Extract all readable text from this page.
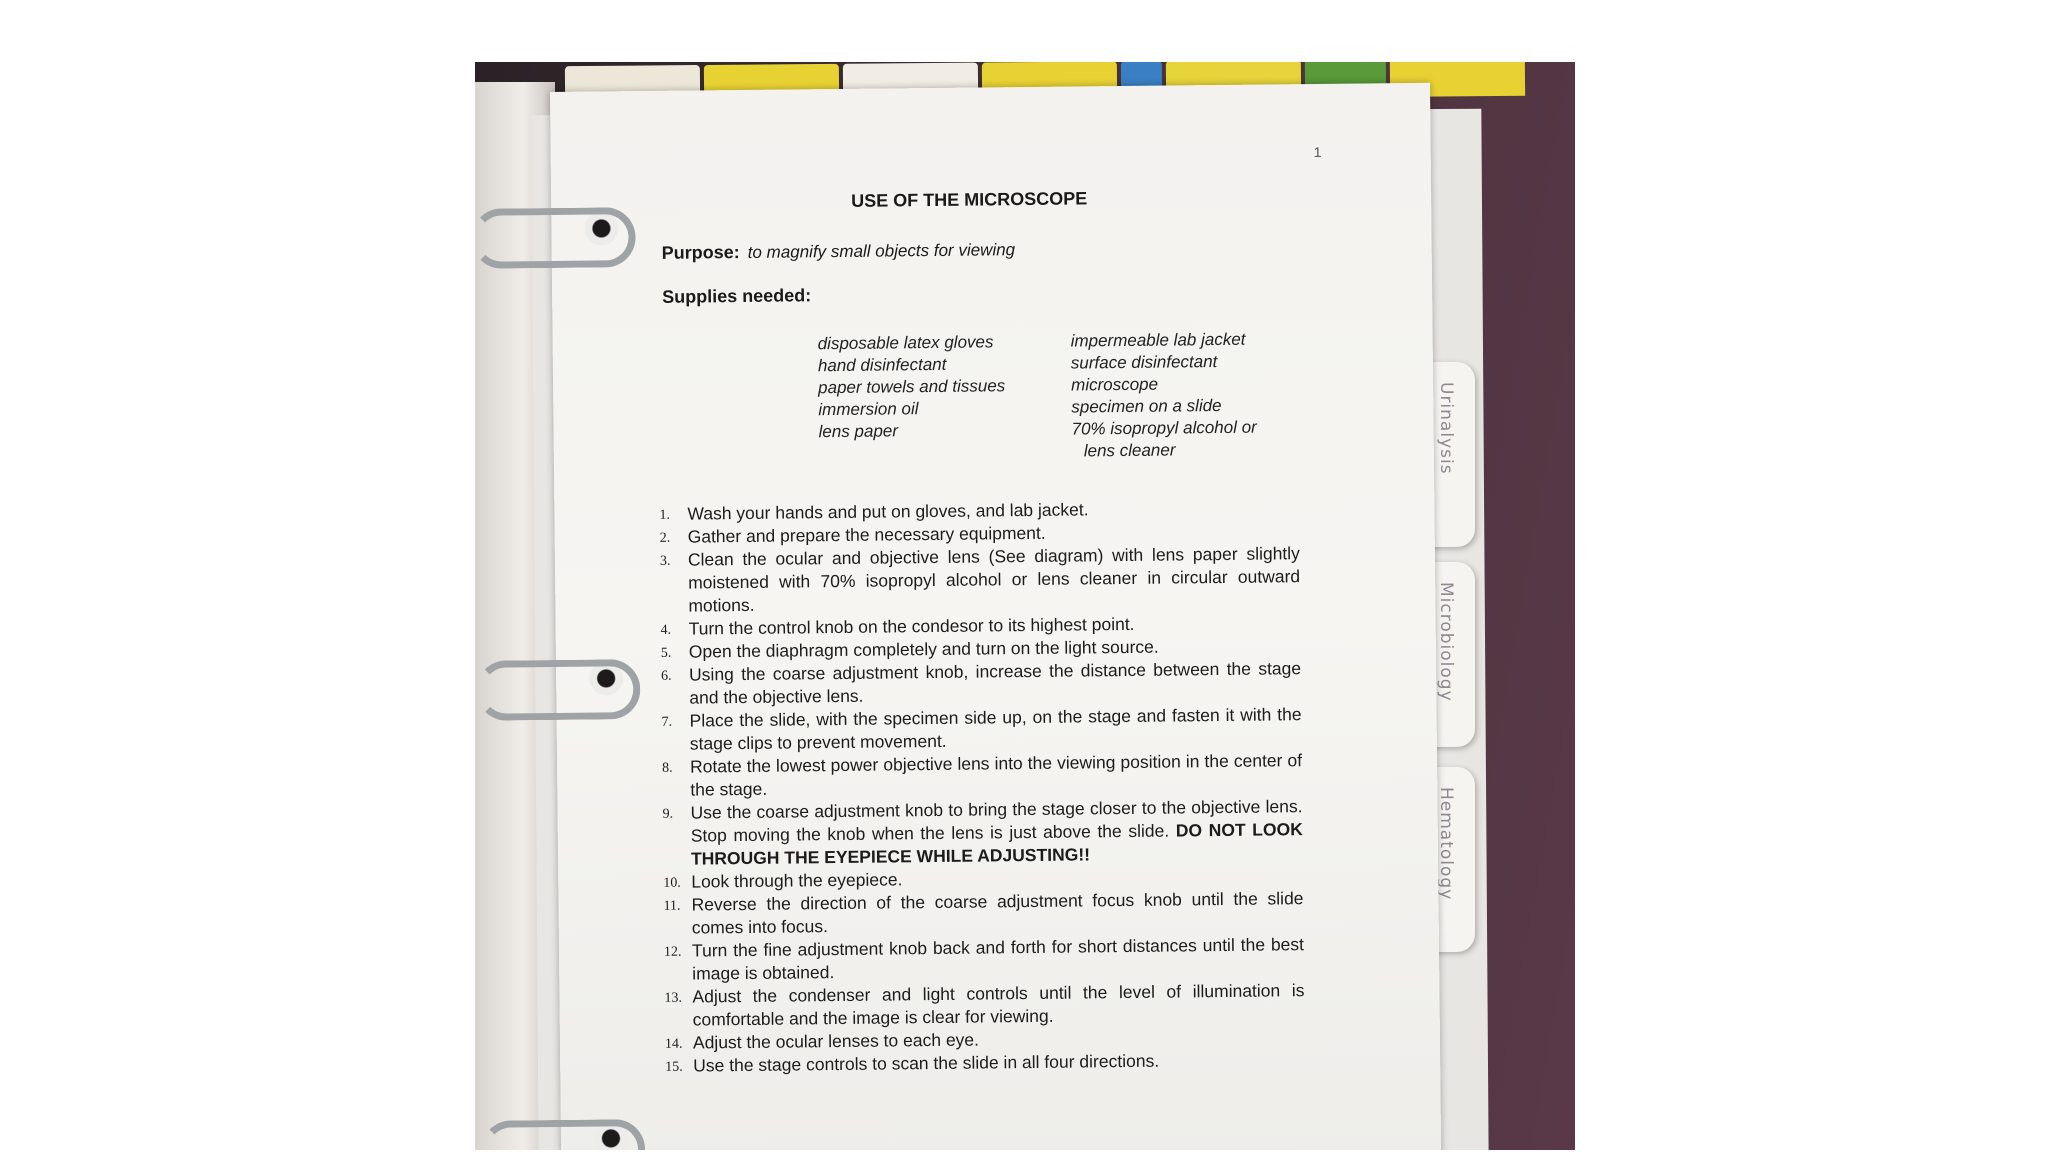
Urinalysis
Microbiology
Hematology
1
USE OF THE MICROSCOPE
Purpose: to magnify small objects for viewing
Supplies needed:
disposable latex gloves
hand disinfectant
paper towels and tissues
immersion oil
lens paper
impermeable lab jacket
surface disinfectant
microscope
specimen on a slide
70% isopropyl alcohol or
lens cleaner
1. Wash your hands and put on gloves, and lab jacket.
2. Gather and prepare the necessary equipment.
3. Clean the ocular and objective lens (See diagram) with lens paper slightly moistened with 70% isopropyl alcohol or lens cleaner in circular outward motions.
4. Turn the control knob on the condesor to its highest point.
5. Open the diaphragm completely and turn on the light source.
6. Using the coarse adjustment knob, increase the distance between the stage and the objective lens.
7. Place the slide, with the specimen side up, on the stage and fasten it with the stage clips to prevent movement.
8. Rotate the lowest power objective lens into the viewing position in the center of the stage.
9. Use the coarse adjustment knob to bring the stage closer to the objective lens. Stop moving the knob when the lens is just above the slide. DO NOT LOOK THROUGH THE EYEPIECE WHILE ADJUSTING!!
10. Look through the eyepiece.
11. Reverse the direction of the coarse adjustment focus knob until the slide comes into focus.
12. Turn the fine adjustment knob back and forth for short distances until the best image is obtained.
13. Adjust the condenser and light controls until the level of illumination is comfortable and the image is clear for viewing.
14. Adjust the ocular lenses to each eye.
15. Use the stage controls to scan the slide in all four directions.
